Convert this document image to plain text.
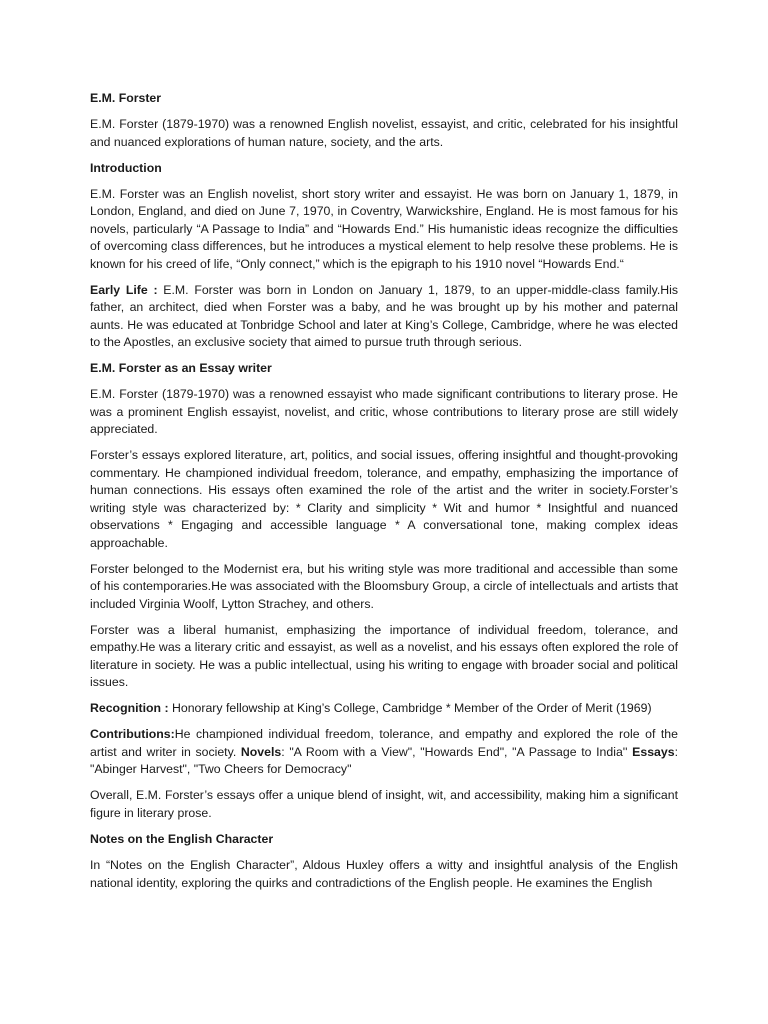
E.M. Forster

E.M. Forster (1879-1970) was a renowned English novelist, essayist, and critic, celebrated for his insightful and nuanced explorations of human nature, society, and the arts.

Introduction

E.M. Forster was an English novelist, short story writer and essayist. He was born on January 1, 1879, in London, England, and died on June 7, 1970, in Coventry, Warwickshire, England. He is most famous for his novels, particularly “A Passage to India” and “Howards End.” His humanistic ideas recognize the difficulties of overcoming class differences, but he introduces a mystical element to help resolve these problems. He is known for his creed of life, “Only connect,” which is the epigraph to his 1910 novel “Howards End.“

Early Life : E.M. Forster was born in London on January 1, 1879, to an upper-middle-class family.His father, an architect, died when Forster was a baby, and he was brought up by his mother and paternal aunts. He was educated at Tonbridge School and later at King’s College, Cambridge, where he was elected to the Apostles, an exclusive society that aimed to pursue truth through serious.

E.M. Forster as an Essay writer

E.M. Forster (1879-1970) was a renowned essayist who made significant contributions to literary prose. He was a prominent English essayist, novelist, and critic, whose contributions to literary prose are still widely appreciated.

Forster’s essays explored literature, art, politics, and social issues, offering insightful and thought-provoking commentary. He championed individual freedom, tolerance, and empathy, emphasizing the importance of human connections. His essays often examined the role of the artist and the writer in society.Forster’s writing style was characterized by: * Clarity and simplicity * Wit and humor * Insightful and nuanced observations * Engaging and accessible language * A conversational tone, making complex ideas approachable.

Forster belonged to the Modernist era, but his writing style was more traditional and accessible than some of his contemporaries.He was associated with the Bloomsbury Group, a circle of intellectuals and artists that included Virginia Woolf, Lytton Strachey, and others.

Forster was a liberal humanist, emphasizing the importance of individual freedom, tolerance, and empathy.He was a literary critic and essayist, as well as a novelist, and his essays often explored the role of literature in society. He was a public intellectual, using his writing to engage with broader social and political issues.

Recognition : Honorary fellowship at King’s College, Cambridge * Member of the Order of Merit (1969)

Contributions:He championed individual freedom, tolerance, and empathy and explored the role of the artist and writer in society. Novels: "A Room with a View", "Howards End", "A Passage to India'' Essays: "Abinger Harvest", "Two Cheers for Democracy"

Overall, E.M. Forster’s essays offer a unique blend of insight, wit, and accessibility, making him a significant figure in literary prose.

Notes on the English Character

In “Notes on the English Character”, Aldous Huxley offers a witty and insightful analysis of the English national identity, exploring the quirks and contradictions of the English people. He examines the English
